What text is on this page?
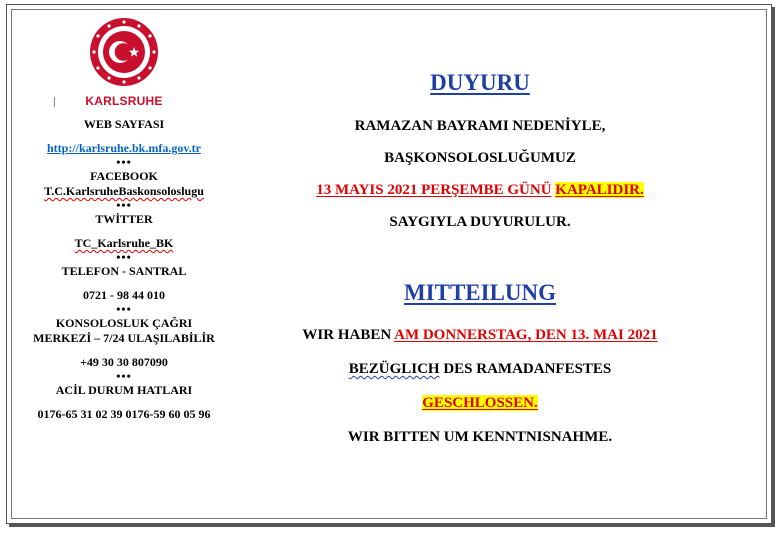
KARLSRUHE
WEB SAYFASI
http://karlsruhe.bk.mfa.gov.tr
•••
FACEBOOK
T.C.KarlsruheBaskonsoloslugu
•••
TWİTTER
TC_Karlsruhe_BK
•••
TELEFON - SANTRAL
0721 - 98 44 010
•••
KONSOLOSLUK ÇAĞRI
MERKEZİ – 7/24 ULAŞILABİLİR
+49 30 30 807090
•••
ACİL DURUM HATLARI
0176-65 31 02 39 0176-59 60 05 96
DUYURU
RAMAZAN BAYRAMI NEDENİYLE,
BAŞKONSOLOSLUĞUMUZ
13 MAYIS 2021 PERŞEMBE GÜNÜ KAPALIDIR.
SAYGIYLA DUYURULUR.
MITTEILUNG
WIR HABEN AM DONNERSTAG, DEN 13. MAI 2021
BEZÜGLICH DES RAMADANFESTES
GESCHLOSSEN.
WIR BITTEN UM KENNTNISNAHME.
